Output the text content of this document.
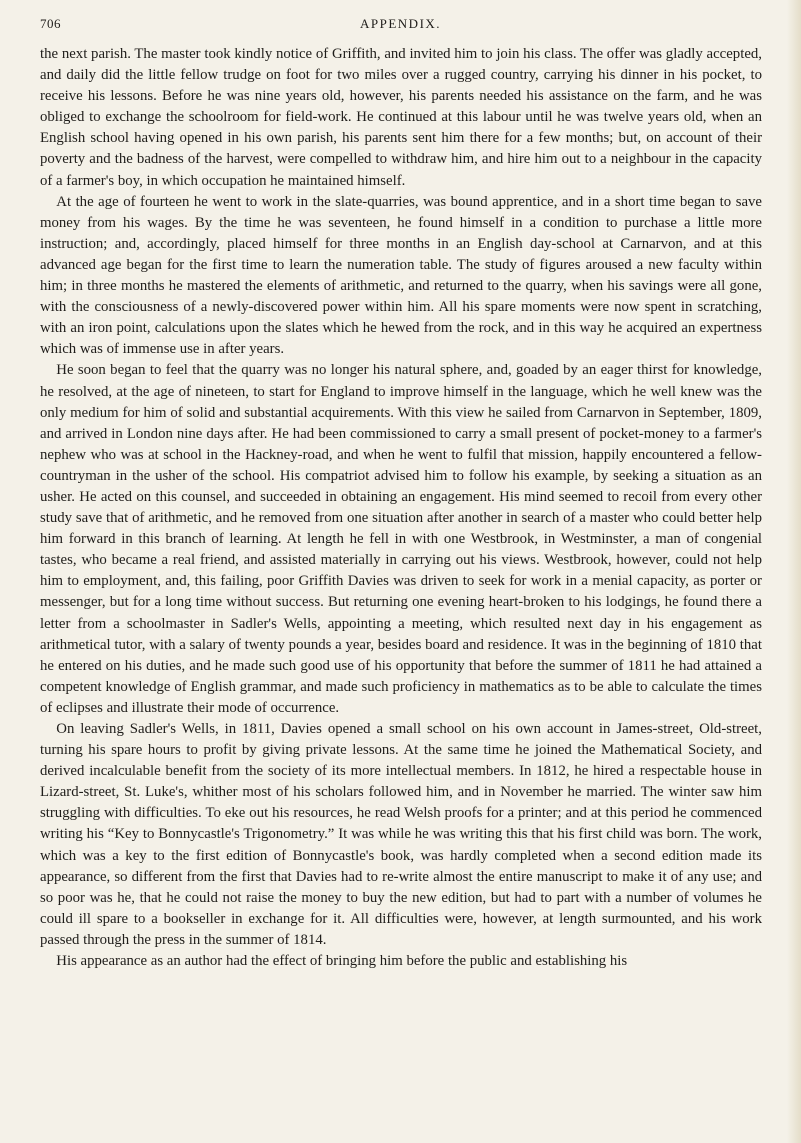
706	APPENDIX.

the next parish. The master took kindly notice of Griffith, and invited him to join his class. The offer was gladly accepted, and daily did the little fellow trudge on foot for two miles over a rugged country, carrying his dinner in his pocket, to receive his lessons. Before he was nine years old, however, his parents needed his assistance on the farm, and he was obliged to exchange the schoolroom for field-work. He continued at this labour until he was twelve years old, when an English school having opened in his own parish, his parents sent him there for a few months; but, on account of their poverty and the badness of the harvest, were compelled to withdraw him, and hire him out to a neighbour in the capacity of a farmer's boy, in which occupation he maintained himself.

At the age of fourteen he went to work in the slate-quarries, was bound apprentice, and in a short time began to save money from his wages. By the time he was seventeen, he found himself in a condition to purchase a little more instruction; and, accordingly, placed himself for three months in an English day-school at Carnarvon, and at this advanced age began for the first time to learn the numeration table. The study of figures aroused a new faculty within him; in three months he mastered the elements of arithmetic, and returned to the quarry, when his savings were all gone, with the consciousness of a newly-discovered power within him. All his spare moments were now spent in scratching, with an iron point, calculations upon the slates which he hewed from the rock, and in this way he acquired an expertness which was of immense use in after years.

He soon began to feel that the quarry was no longer his natural sphere, and, goaded by an eager thirst for knowledge, he resolved, at the age of nineteen, to start for England to improve himself in the language, which he well knew was the only medium for him of solid and substantial acquirements. With this view he sailed from Carnarvon in September, 1809, and arrived in London nine days after. He had been commissioned to carry a small present of pocket-money to a farmer's nephew who was at school in the Hackney-road, and when he went to fulfil that mission, happily encountered a fellow-countryman in the usher of the school. His compatriot advised him to follow his example, by seeking a situation as an usher. He acted on this counsel, and succeeded in obtaining an engagement. His mind seemed to recoil from every other study save that of arithmetic, and he removed from one situation after another in search of a master who could better help him forward in this branch of learning. At length he fell in with one Westbrook, in Westminster, a man of congenial tastes, who became a real friend, and assisted materially in carrying out his views. Westbrook, however, could not help him to employment, and, this failing, poor Griffith Davies was driven to seek for work in a menial capacity, as porter or messenger, but for a long time without success. But returning one evening heart-broken to his lodgings, he found there a letter from a schoolmaster in Sadler's Wells, appointing a meeting, which resulted next day in his engagement as arithmetical tutor, with a salary of twenty pounds a year, besides board and residence. It was in the beginning of 1810 that he entered on his duties, and he made such good use of his opportunity that before the summer of 1811 he had attained a competent knowledge of English grammar, and made such proficiency in mathematics as to be able to calculate the times of eclipses and illustrate their mode of occurrence.

On leaving Sadler's Wells, in 1811, Davies opened a small school on his own account in James-street, Old-street, turning his spare hours to profit by giving private lessons. At the same time he joined the Mathematical Society, and derived incalculable benefit from the society of its more intellectual members. In 1812, he hired a respectable house in Lizard-street, St. Luke's, whither most of his scholars followed him, and in November he married. The winter saw him struggling with difficulties. To eke out his resources, he read Welsh proofs for a printer; and at this period he commenced writing his “Key to Bonnycastle's Trigonometry.” It was while he was writing this that his first child was born. The work, which was a key to the first edition of Bonnycastle's book, was hardly completed when a second edition made its appearance, so different from the first that Davies had to re-write almost the entire manuscript to make it of any use; and so poor was he, that he could not raise the money to buy the new edition, but had to part with a number of volumes he could ill spare to a bookseller in exchange for it. All difficulties were, however, at length surmounted, and his work passed through the press in the summer of 1814.

His appearance as an author had the effect of bringing him before the public and establishing his
